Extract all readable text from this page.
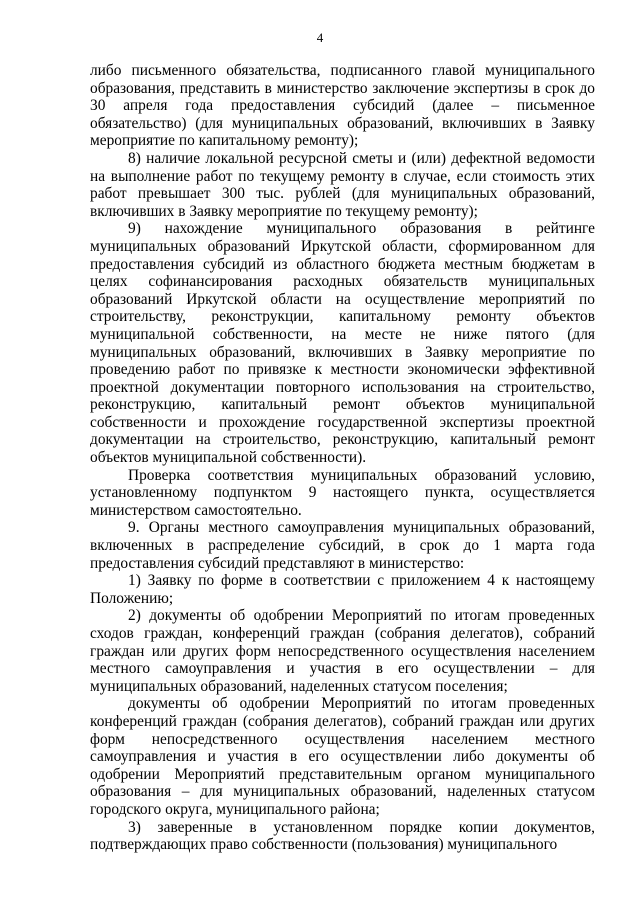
4

либо письменного обязательства, подписанного главой муниципального образования, представить в министерство заключение экспертизы в срок до 30 апреля года предоставления субсидий (далее – письменное обязательство) (для муниципальных образований, включивших в Заявку мероприятие по капитальному ремонту);

8) наличие локальной ресурсной сметы и (или) дефектной ведомости на выполнение работ по текущему ремонту в случае, если стоимость этих работ превышает 300 тыс. рублей (для муниципальных образований, включивших в Заявку мероприятие по текущему ремонту);

9) нахождение муниципального образования в рейтинге муниципальных образований Иркутской области, сформированном для предоставления субсидий из областного бюджета местным бюджетам в целях софинансирования расходных обязательств муниципальных образований Иркутской области на осуществление мероприятий по строительству, реконструкции, капитальному ремонту объектов муниципальной собственности, на месте не ниже пятого (для муниципальных образований, включивших в Заявку мероприятие по проведению работ по привязке к местности экономически эффективной проектной документации повторного использования на строительство, реконструкцию, капитальный ремонт объектов муниципальной собственности и прохождение государственной экспертизы проектной документации на строительство, реконструкцию, капитальный ремонт объектов муниципальной собственности).

Проверка соответствия муниципальных образований условию, установленному подпунктом 9 настоящего пункта, осуществляется министерством самостоятельно.

9. Органы местного самоуправления муниципальных образований, включенных в распределение субсидий, в срок до 1 марта года предоставления субсидий представляют в министерство:

1) Заявку по форме в соответствии с приложением 4 к настоящему Положению;

2) документы об одобрении Мероприятий по итогам проведенных сходов граждан, конференций граждан (собрания делегатов), собраний граждан или других форм непосредственного осуществления населением местного самоуправления и участия в его осуществлении – для муниципальных образований, наделенных статусом поселения;

документы об одобрении Мероприятий по итогам проведенных конференций граждан (собрания делегатов), собраний граждан или других форм непосредственного осуществления населением местного самоуправления и участия в его осуществлении либо документы об одобрении Мероприятий представительным органом муниципального образования – для муниципальных образований, наделенных статусом городского округа, муниципального района;

3) заверенные в установленном порядке копии документов, подтверждающих право собственности (пользования) муниципального
